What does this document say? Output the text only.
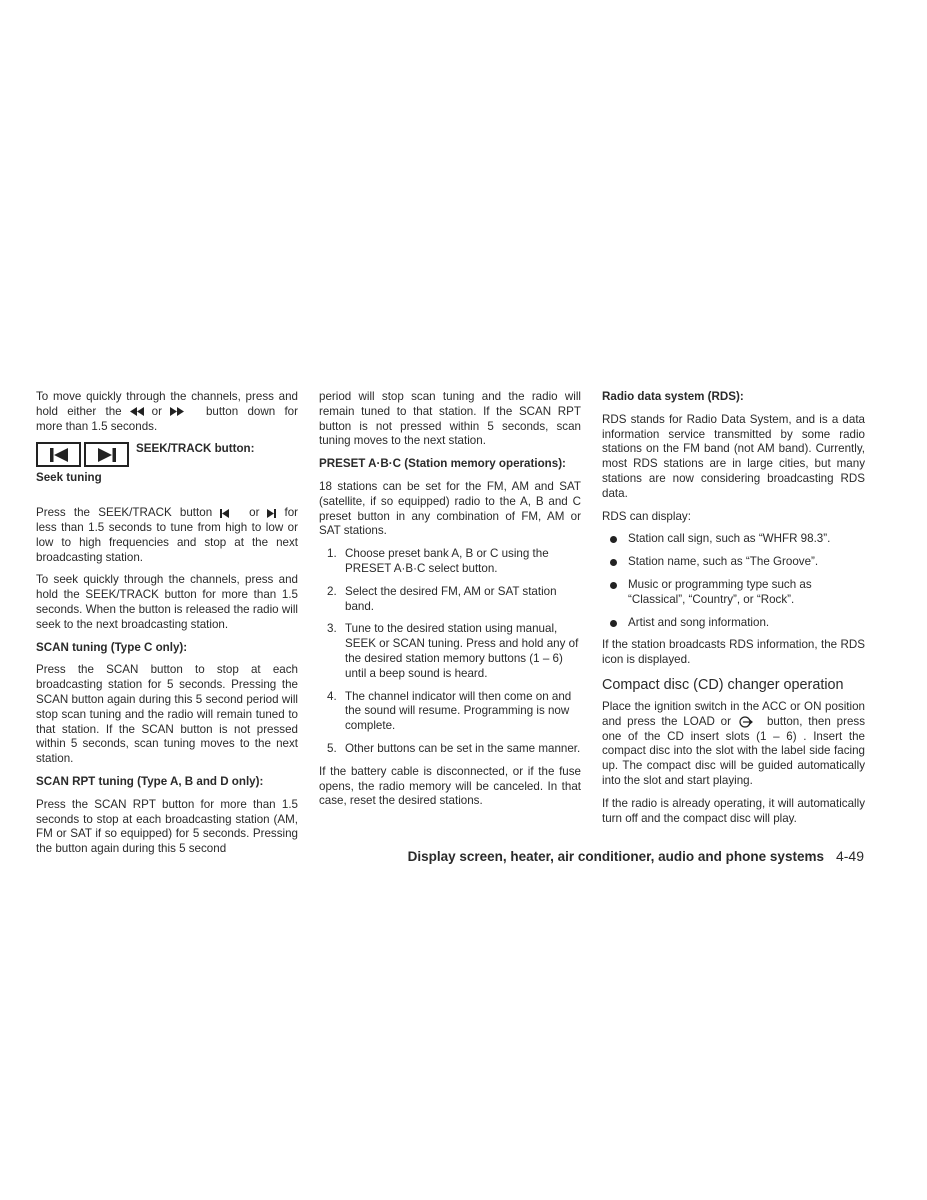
To move quickly through the channels, press and hold either the	or	button down for more than 1.5 seconds.

SEEK/TRACK button:
Seek tuning

Press the SEEK/TRACK button	or for less than 1.5 seconds to tune from high to low or low to high frequencies and stop at the next broadcasting station.

To seek quickly through the channels, press and hold the SEEK/TRACK button for more than 1.5 seconds. When the button is released the radio will seek to the next broadcasting station.

SCAN tuning (Type C only):

Press the SCAN button to stop at each broadcasting station for 5 seconds. Pressing the SCAN button again during this 5 second period will stop scan tuning and the radio will remain tuned to that station. If the SCAN button is not pressed within 5 seconds, scan tuning moves to the next station.

SCAN RPT tuning (Type A, B and D only):

Press the SCAN RPT button for more than 1.5 seconds to stop at each broadcasting station (AM, FM or SAT if so equipped) for 5 seconds. Pressing the button again during this 5 second

period will stop scan tuning and the radio will remain tuned to that station. If the SCAN RPT button is not pressed within 5 seconds, scan tuning moves to the next station.

PRESET A·B·C (Station memory operations):

18 stations can be set for the FM, AM and SAT (satellite, if so equipped) radio to the A, B and C preset button in any combination of FM, AM or SAT stations.

1. Choose preset bank A, B or C using the PRESET A·B·C select button.
2. Select the desired FM, AM or SAT station band.
3. Tune to the desired station using manual, SEEK or SCAN tuning. Press and hold any of the desired station memory buttons (1 – 6) until a beep sound is heard.
4. The channel indicator will then come on and the sound will resume. Programming is now complete.
5. Other buttons can be set in the same manner.

If the battery cable is disconnected, or if the fuse opens, the radio memory will be canceled. In that case, reset the desired stations.

Radio data system (RDS):

RDS stands for Radio Data System, and is a data information service transmitted by some radio stations on the FM band (not AM band). Currently, most RDS stations are in large cities, but many stations are now considering broadcasting RDS data.

RDS can display:

Station call sign, such as “WHFR 98.3”.
Station name, such as “The Groove”.
Music or programming type such as “Classical”, “Country”, or “Rock”.
Artist and song information.

If the station broadcasts RDS information, the RDS icon is displayed.

Compact disc (CD) changer operation

Place the ignition switch in the ACC or ON position and press the LOAD or	button, then press one of the CD insert slots (1 – 6) . Insert the compact disc into the slot with the label side facing up. The compact disc will be guided automatically into the slot and start playing.

If the radio is already operating, it will automatically turn off and the compact disc will play.

Display screen, heater, air conditioner, audio and phone systems 4-49
